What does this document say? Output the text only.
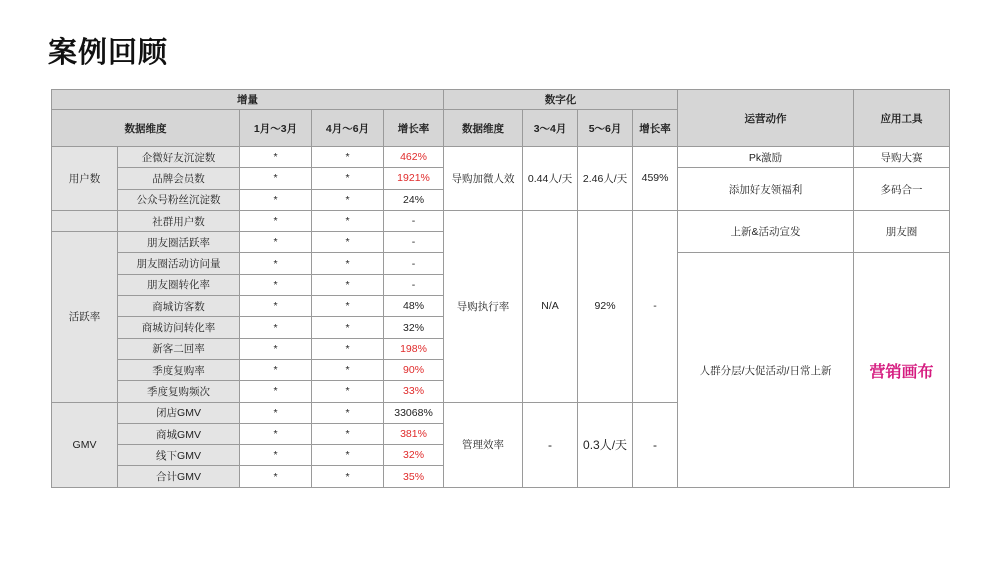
案例回顾
增量					数字化				运营动作	应用工具
数据维度		1月～3月	4月～6月	增长率	数据维度	3～4月	5～6月	增长率		
用户数	企微好友沉淀数	*	*	462%	导购加微人效	0.44人/天	2.46人/天	459%	Pk激励	导购大赛
	品牌会员数	*	*	1921%					添加好友领福利	多码合一
	公众号粉丝沉淀数	*	*	24%						
	社群用户数	*	*	-	导购执行率	N/A	92%	-	上新&活动宣发	朋友圈
活跃率	朋友圈活跃率	*	*	-						
	朋友圈活动访问量	*	*	-					人群分层/大促活动/日常上新	营销画布
	朋友圈转化率	*	*	-						
	商城访客数	*	*	48%						
	商城访问转化率	*	*	32%						
	新客二回率	*	*	198%						
	季度复购率	*	*	90%						
	季度复购频次	*	*	33%						
GMV	闭店GMV	*	*	33068%	管理效率	-	0.3人/天	-		
	商城GMV	*	*	381%						
	线下GMV	*	*	32%						
	合计GMV	*	*	35%						
